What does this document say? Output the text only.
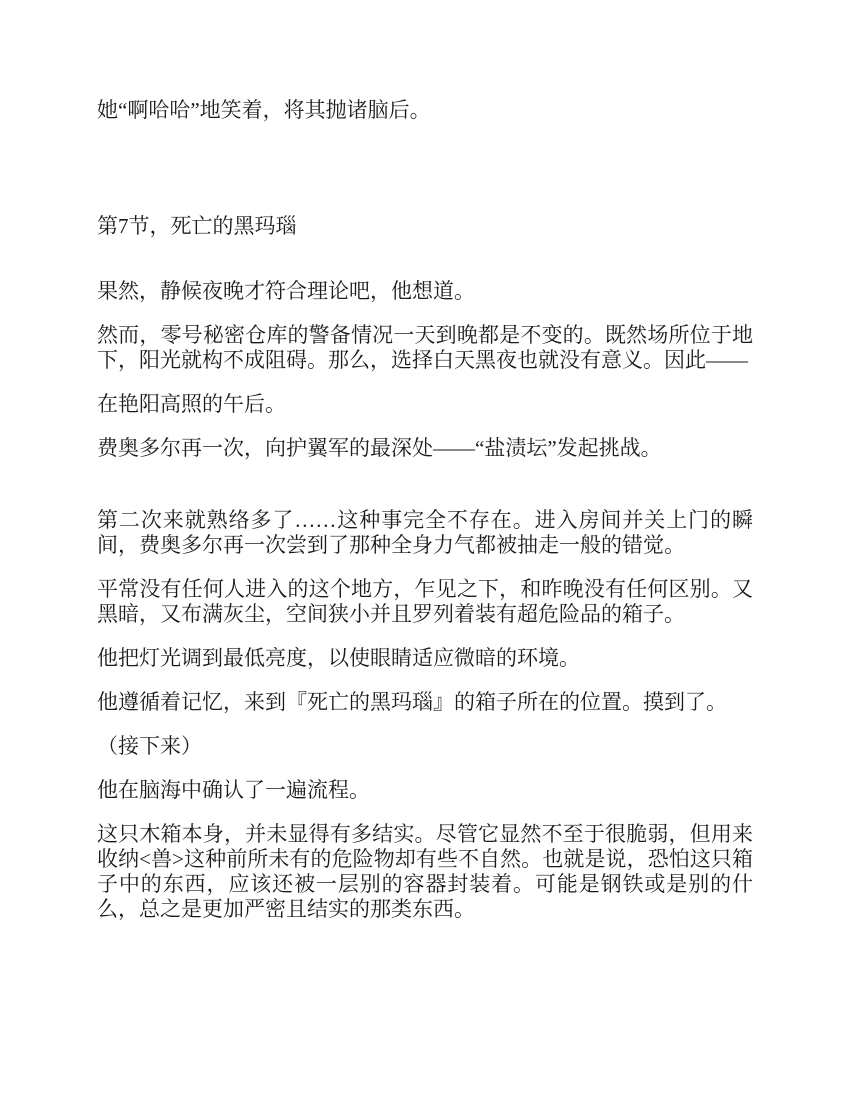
她“啊哈哈”地笑着，将其抛诸脑后。

第7节，死亡的黑玛瑙

果然，静候夜晚才符合理论吧，他想道。

然而，零号秘密仓库的警备情况一天到晚都是不变的。既然场所位于地下，阳光就构不成阻碍。那么，选择白天黑夜也就没有意义。因此——

在艳阳高照的午后。

费奥多尔再一次，向护翼军的最深处——“盐渍坛”发起挑战。

第二次来就熟络多了……这种事完全不存在。进入房间并关上门的瞬间，费奥多尔再一次尝到了那种全身力气都被抽走一般的错觉。

平常没有任何人进入的这个地方，乍见之下，和昨晚没有任何区别。又黑暗，又布满灰尘，空间狭小并且罗列着装有超危险品的箱子。

他把灯光调到最低亮度，以使眼睛适应微暗的环境。

他遵循着记忆，来到『死亡的黑玛瑙』的箱子所在的位置。摸到了。

（接下来）

他在脑海中确认了一遍流程。

这只木箱本身，并未显得有多结实。尽管它显然不至于很脆弱，但用来收纳<兽>这种前所未有的危险物却有些不自然。也就是说，恐怕这只箱子中的东西，应该还被一层别的容器封装着。可能是钢铁或是别的什么，总之是更加严密且结实的那类东西。
